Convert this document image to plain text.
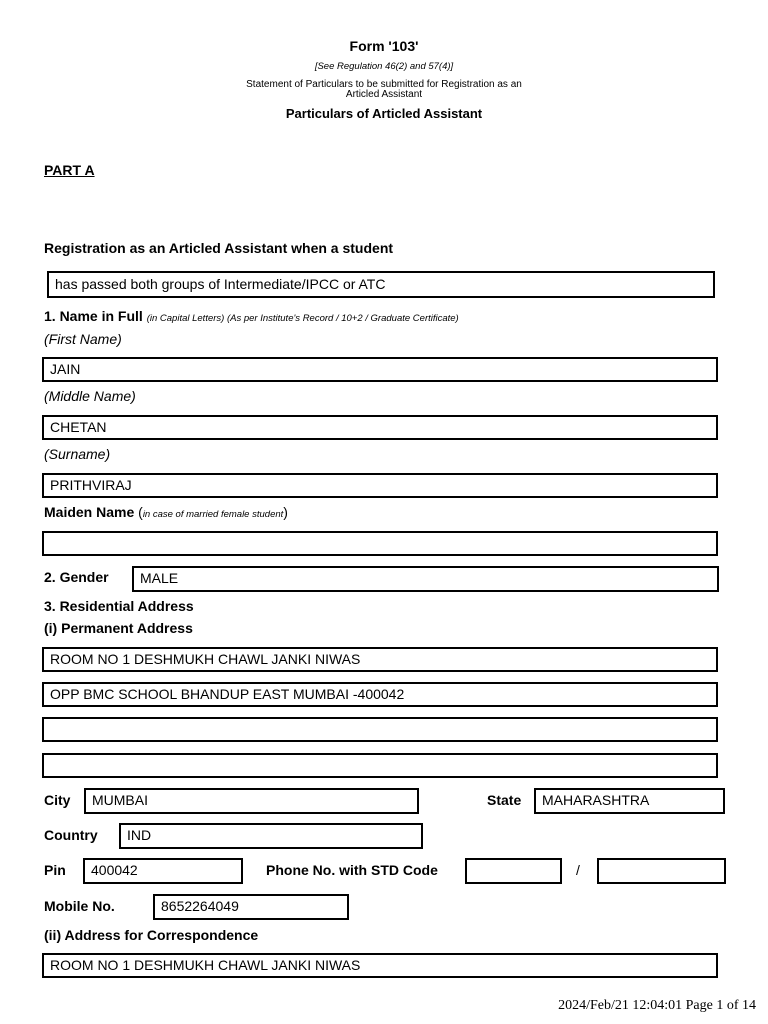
Form '103'
[See Regulation 46(2) and 57(4)]
Statement of Particulars to be submitted for Registration as an
Articled Assistant
Particulars of Articled Assistant
PART A
Registration as an Articled Assistant when a student
has passed both groups of Intermediate/IPCC or ATC
1. Name in Full (in Capital Letters) (As per Institute's Record / 10+2 / Graduate Certificate)
(First Name)
JAIN
(Middle Name)
CHETAN
(Surname)
PRITHVIRAJ
Maiden Name (in case of married female student)
2. Gender	MALE
3. Residential Address
(i) Permanent Address
ROOM NO 1 DESHMUKH CHAWL JANKI NIWAS
OPP BMC SCHOOL BHANDUP EAST MUMBAI -400042
City	MUMBAI	State	MAHARASHTRA
Country	IND
Pin	400042	Phone No. with STD Code	/
Mobile No.	8652264049
(ii) Address for Correspondence
ROOM NO 1 DESHMUKH CHAWL JANKI NIWAS
2024/Feb/21 12:04:01 Page 1 of 14
